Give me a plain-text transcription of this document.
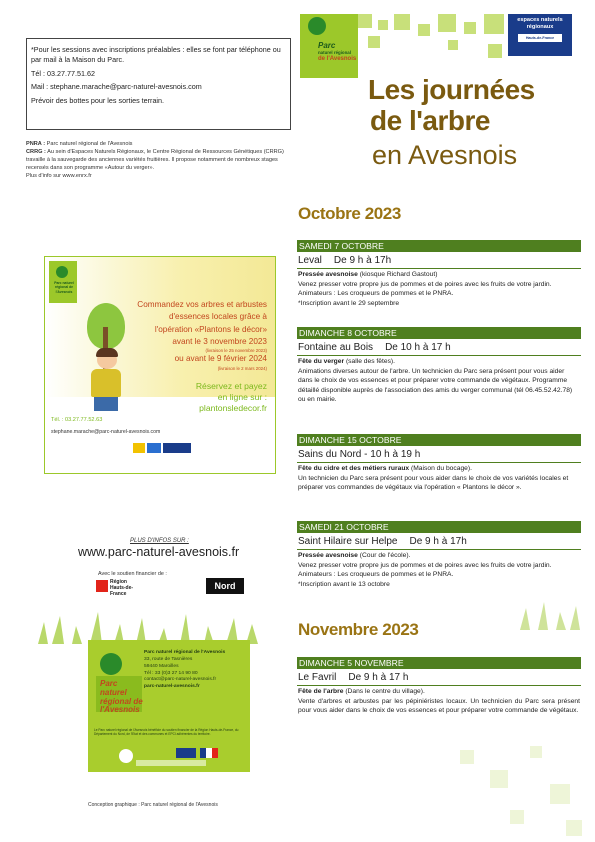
*Pour les sessions avec inscriptions préalables : elles se font par téléphone ou par mail à la Maison du Parc.

Tél : 03.27.77.51.62

Mail : stephane.marache@parc-naturel-avesnois.com

Prévoir des bottes pour les sorties terrain.

PNRA : Parc naturel régional de l'Avesnois
CRRG : Au sein d'Espaces Naturels Régionaux, le Centre Régional de Ressources Génétiques (CRRG) travaille à la sauvegarde des anciennes variétés fruitières. Il propose notamment de nombreux stages recensés dans son programme «Autour du verger».
Plus d'info sur www.enrx.fr
Parc naturel régional de l'Avesnois
Commandez vos arbres et arbustes
d'essences locales grâce à
l'opération «Plantons le décor»
avant le 3 novembre 2023
(livraison le 25 novembre 2023)
ou avant le 9 février 2024
(livraison le 2 mars 2024)
Réservez et payez
en ligne sur :
plantonsledecor.fr
Tél. : 03.27.77.52.63
stephane.marache@parc-naturel-avesnois.com
PLUS D'INFOS SUR :
www.parc-naturel-avesnois.fr
Avec le soutien financier de :
Région Hauts-de-France
Nord
Parc naturel régional de l'Avesnois
Parc naturel régional de l'Avesnois
33, route de Tasnières
59440 Maroilles
Tél : 33 (0)3 27 14 90 80
contact@parc-naturel-avesnois.fr
parc-naturel-avesnois.fr
Le Parc naturel régional de l'Avesnois bénéficie du soutien financier de la Région Hauts-de-France, du Département du Nord, de l'Etat et des communes et EPCI adhérentes du territoire.
Conception graphique : Parc naturel régional de l'Avesnois
Parc
naturel régional
de l'Avesnois
espaces naturels régionaux
Hauts-de-France
Les journées
de l'arbre
en Avesnois
Octobre 2023
SAMEDI 7 OCTOBRE
Leval De 9 h à 17h

Pressée avesnoise (kiosque Richard Gastout)

Venez presser votre propre jus de pommes et de poires avec les fruits de votre jardin. Animateurs : Les croqueurs de pommes et le PNRA.

*Inscription avant le 29 septembre

DIMANCHE 8 OCTOBRE
Fontaine au Bois De 10 h à 17 h

Fête du verger (salle des fêtes).

Animations diverses autour de l'arbre. Un technicien du Parc sera présent pour vous aider dans le choix de vos essences et pour préparer votre commande de végétaux. Programme détaillé disponible auprès de l'association des amis du verger communal (tél 06.45.52.42.78) ou en mairie.

DIMANCHE 15 OCTOBRE
Sains du Nord - 10 h à 19 h

Fête du cidre et des métiers ruraux (Maison du bocage).

Un technicien du Parc sera présent pour vous aider dans le choix de vos variétés locales et préparer vos commandes de végétaux via l'opération « Plantons le décor ».

SAMEDI 21 OCTOBRE
Saint Hilaire sur Helpe De 9 h à 17h

Pressée avesnoise (Cour de l'école).

Venez presser votre propre jus de pommes et de poires avec les fruits de votre jardin. Animateurs : Les croqueurs de pommes et le PNRA.

*Inscription avant le 13 octobre

Novembre 2023
DIMANCHE 5 NOVEMBRE
Le Favril De 9 h à 17 h

Fête de l'arbre (Dans le centre du village).

Vente d'arbres et arbustes par les pépiniéristes locaux. Un technicien du Parc sera présent pour vous aider dans le choix de vos essences et pour préparer votre commande de végétaux.
